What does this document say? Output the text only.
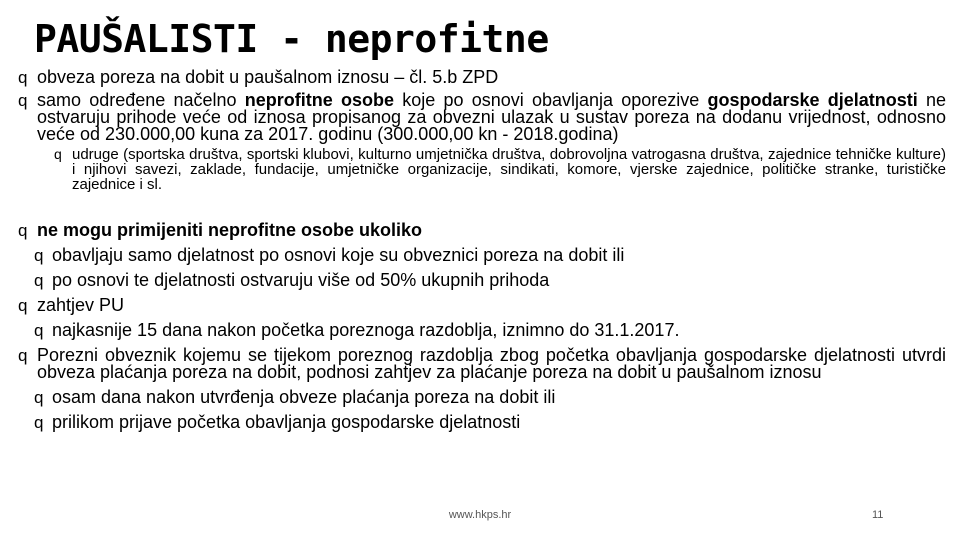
PAUŠALISTI - neprofitne

q obveza poreza na dobit u paušalnom iznosu – čl. 5.b ZPD

q samo određene načelno neprofitne osobe koje po osnovi obavljanja oporezive gospodarske djelatnosti ne ostvaruju prihode veće od iznosa propisanog za obvezni ulazak u sustav poreza na dodanu vrijednost, odnosno veće od 230.000,00 kuna za 2017. godinu (300.000,00 kn - 2018.godina)

q udruge (sportska društva, sportski klubovi, kulturno umjetnička društva, dobrovoljna vatrogasna društva, zajednice tehničke kulture) i njihovi savezi, zaklade, fundacije, umjetničke organizacije, sindikati, komore, vjerske zajednice, političke stranke, turističke zajednice i sl.

q ne mogu primijeniti neprofitne osobe ukoliko

q obavljaju samo djelatnost po osnovi koje su obveznici poreza na dobit ili

q po osnovi te djelatnosti ostvaruju više od 50% ukupnih prihoda

q zahtjev PU

q najkasnije 15 dana nakon početka poreznoga razdoblja, iznimno do 31.1.2017.

q Porezni obveznik kojemu se tijekom poreznog razdoblja zbog početka obavljanja gospodarske djelatnosti utvrdi obveza plaćanja poreza na dobit, podnosi zahtjev za plaćanje poreza na dobit u paušalnom iznosu

q osam dana nakon utvrđenja obveze plaćanja poreza na dobit ili

q prilikom prijave početka obavljanja gospodarske djelatnosti

www.hkps.hr	11
